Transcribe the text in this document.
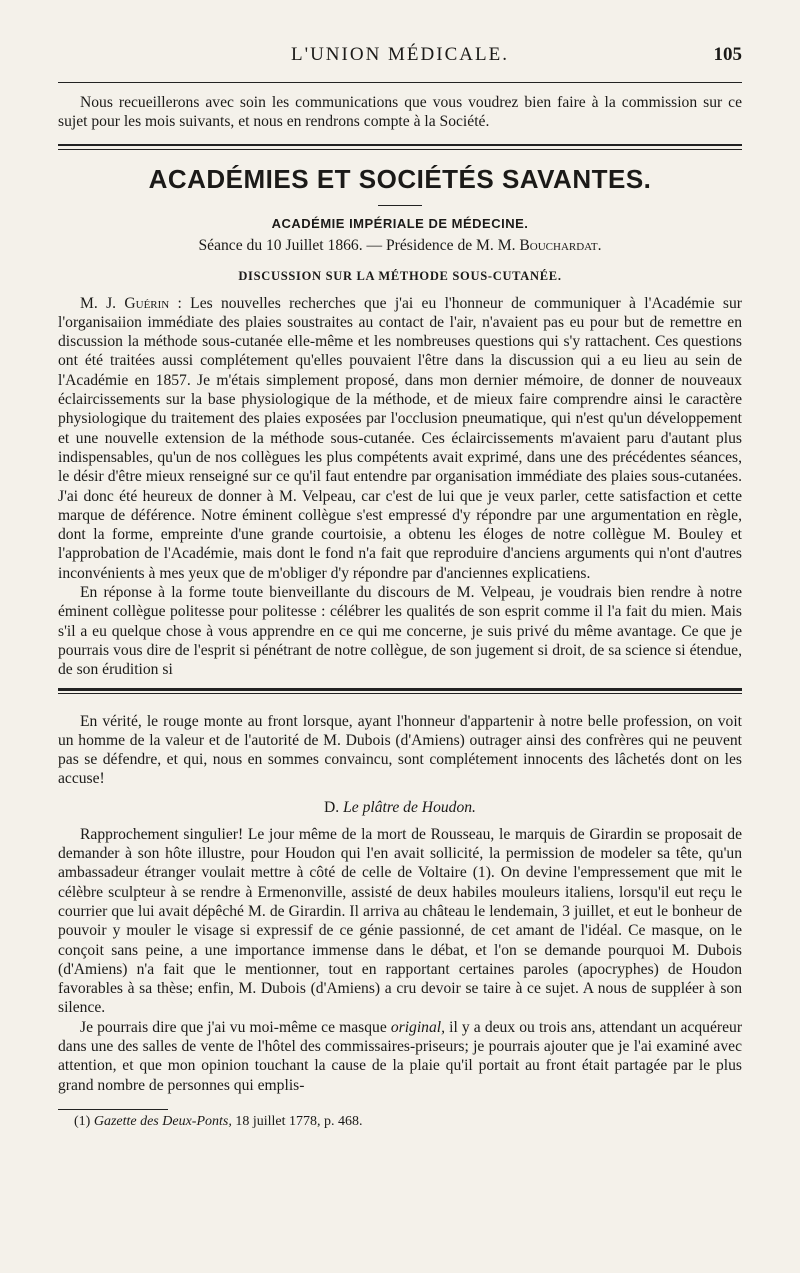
L'UNION MÉDICALE.	105

Nous recueillerons avec soin les communications que vous voudrez bien faire à la commission sur ce sujet pour les mois suivants, et nous en rendrons compte à la Société.

ACADÉMIES ET SOCIÉTÉS SAVANTES.
ACADÉMIE IMPÉRIALE DE MÉDECINE.
Séance du 10 Juillet 1866. — Présidence de M. M. Bouchardat.
DISCUSSION SUR LA MÉTHODE SOUS-CUTANÉE.

M. J. Guérin : Les nouvelles recherches que j'ai eu l'honneur de communiquer à l'Académie sur l'organisaiion immédiate des plaies soustraites au contact de l'air, n'avaient pas eu pour but de remettre en discussion la méthode sous-cutanée elle-même et les nombreuses questions qui s'y rattachent. Ces questions ont été traitées aussi complétement qu'elles pouvaient l'être dans la discussion qui a eu lieu au sein de l'Académie en 1857. Je m'étais simplement proposé, dans mon dernier mémoire, de donner de nouveaux éclaircissements sur la base physiologique de la méthode, et de mieux faire comprendre ainsi le caractère physiologique du traitement des plaies exposées par l'occlusion pneumatique, qui n'est qu'un développement et une nouvelle extension de la méthode sous-cutanée. Ces éclaircissements m'avaient paru d'autant plus indispensables, qu'un de nos collègues les plus compétents avait exprimé, dans une des précédentes séances, le désir d'être mieux renseigné sur ce qu'il faut entendre par organisation immédiate des plaies sous-cutanées. J'ai donc été heureux de donner à M. Velpeau, car c'est de lui que je veux parler, cette satisfaction et cette marque de déférence. Notre éminent collègue s'est empressé d'y répondre par une argumentation en règle, dont la forme, empreinte d'une grande courtoisie, a obtenu les éloges de notre collègue M. Bouley et l'approbation de l'Académie, mais dont le fond n'a fait que reproduire d'anciens arguments qui n'ont d'autres inconvénients à mes yeux que de m'obliger d'y répondre par d'anciennes explicatiens.

En réponse à la forme toute bienveillante du discours de M. Velpeau, je voudrais bien rendre à notre éminent collègue politesse pour politesse : célébrer les qualités de son esprit comme il l'a fait du mien. Mais s'il a eu quelque chose à vous apprendre en ce qui me concerne, je suis privé du même avantage. Ce que je pourrais vous dire de l'esprit si pénétrant de notre collègue, de son jugement si droit, de sa science si étendue, de son érudition si

En vérité, le rouge monte au front lorsque, ayant l'honneur d'appartenir à notre belle profession, on voit un homme de la valeur et de l'autorité de M. Dubois (d'Amiens) outrager ainsi des confrères qui ne peuvent pas se défendre, et qui, nous en sommes convaincu, sont complétement innocents des lâchetés dont on les accuse!

D. Le plâtre de Houdon.

Rapprochement singulier! Le jour même de la mort de Rousseau, le marquis de Girardin se proposait de demander à son hôte illustre, pour Houdon qui l'en avait sollicité, la permission de modeler sa tête, qu'un ambassadeur étranger voulait mettre à côté de celle de Voltaire (1). On devine l'empressement que mit le célèbre sculpteur à se rendre à Ermenonville, assisté de deux habiles mouleurs italiens, lorsqu'il eut reçu le courrier que lui avait dépêché M. de Girardin. Il arriva au château le lendemain, 3 juillet, et eut le bonheur de pouvoir y mouler le visage si expressif de ce génie passionné, de cet amant de l'idéal. Ce masque, on le conçoit sans peine, a une importance immense dans le débat, et l'on se demande pourquoi M. Dubois (d'Amiens) n'a fait que le mentionner, tout en rapportant certaines paroles (apocryphes) de Houdon favorables à sa thèse; enfin, M. Dubois (d'Amiens) a cru devoir se taire à ce sujet. A nous de suppléer à son silence.

Je pourrais dire que j'ai vu moi-même ce masque original, il y a deux ou trois ans, attendant un acquéreur dans une des salles de vente de l'hôtel des commissaires-priseurs; je pourrais ajouter que je l'ai examiné avec attention, et que mon opinion touchant la cause de la plaie qu'il portait au front était partagée par le plus grand nombre de personnes qui emplis-

(1) Gazette des Deux-Ponts, 18 juillet 1778, p. 468.
